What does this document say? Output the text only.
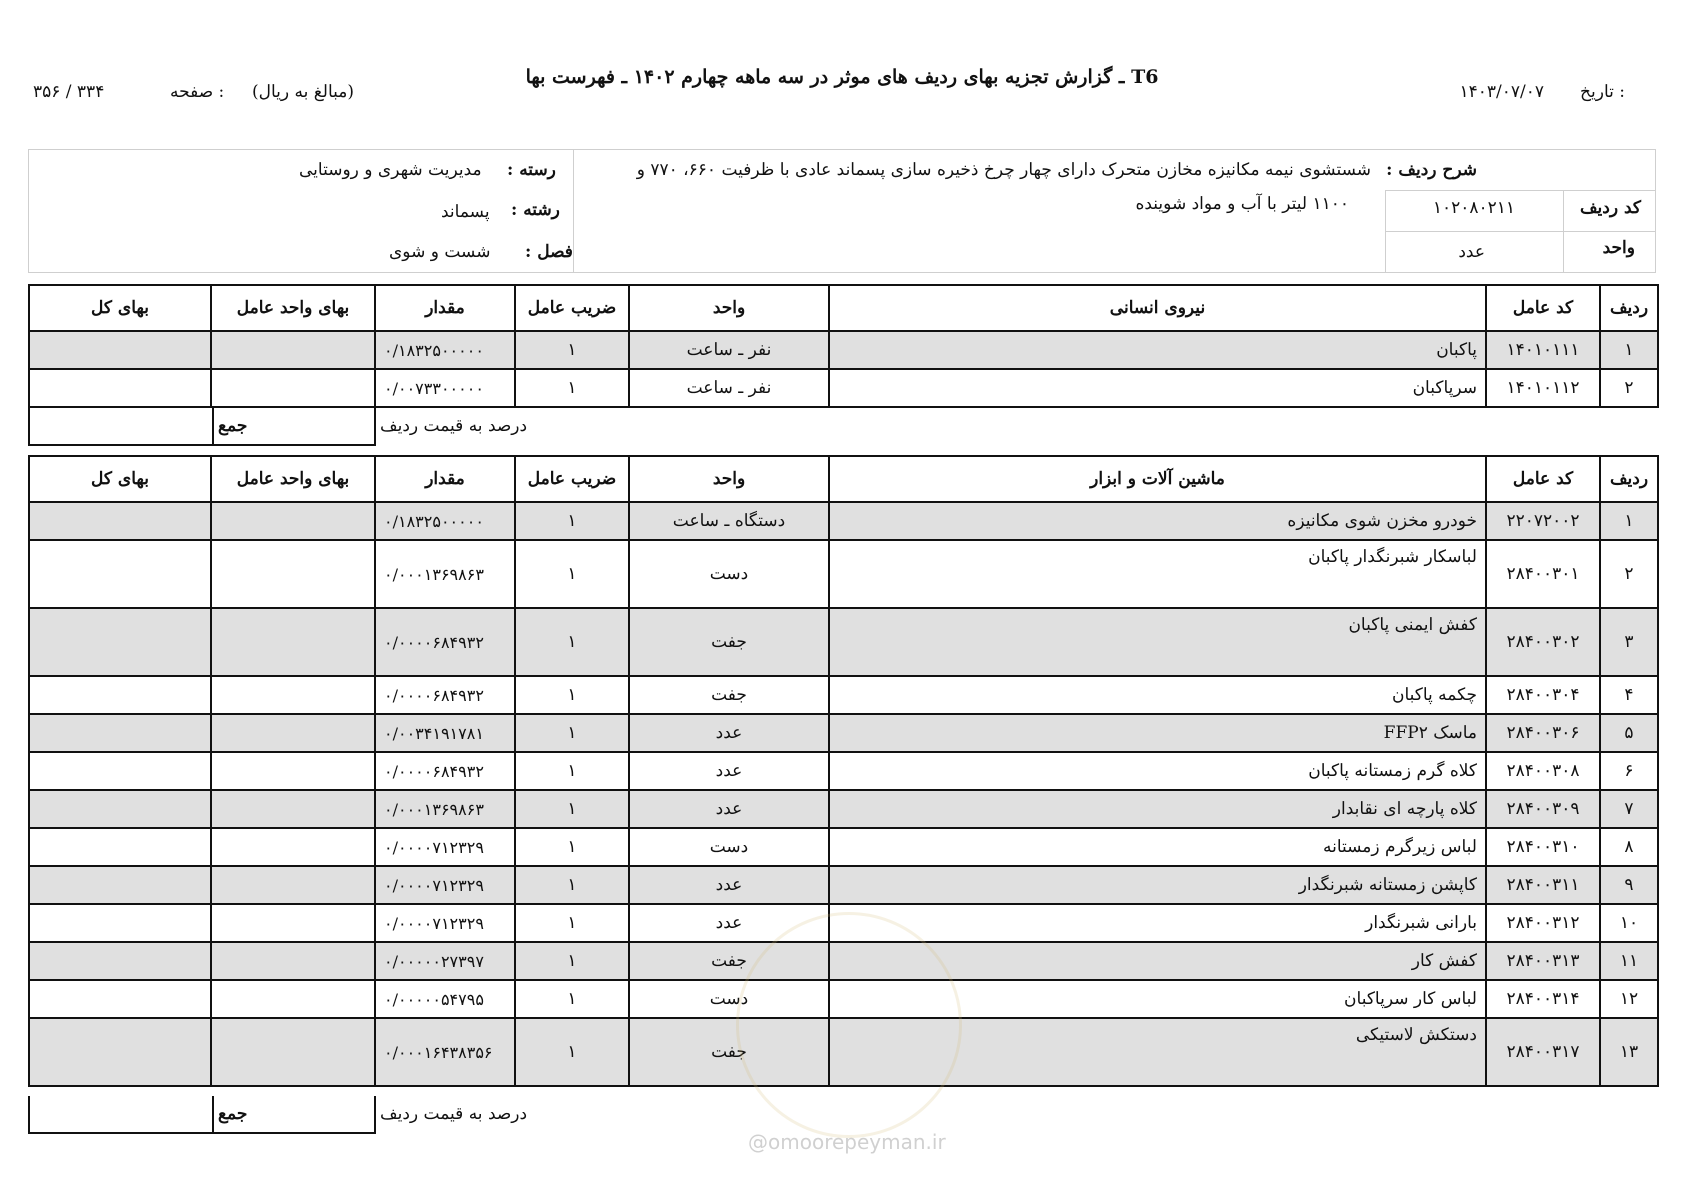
تاریخ :
۱۴۰۳/۰۷/۰۷
T6 ـ گزارش تجزیه بهای ردیف های موثر در سه ماهه چهارم ۱۴۰۲ ـ فهرست بها
(مبالغ به ریال)
صفحه :
۳۵۶ / ۳۳۴
شرح ردیف :
شستشوی نیمه مکانیزه مخازن متحرک دارای چهار چرخ ذخیره سازی پسماند عادی با ظرفیت ۶۶۰، ۷۷۰ و
۱۱۰۰ لیتر با آب و مواد شوینده	کد ردیف
۱۰۲۰۸۰۲۱۱
واحد
عدد
رسته :
مدیریت شهری و روستایی
رشته :
پسماند
فصل :
شست و شوی
ردیف	کد عامل	نیروی انسانی	واحد	ضریب عامل	مقدار	بهای واحد عامل	بهای کل
۱	۱۴۰۱۰۱۱۱	پاکبان	نفر ـ ساعت	۱	۰/۱۸۳۲۵۰۰۰۰۰		
۲	۱۴۰۱۰۱۱۲	سرپاکبان	نفر ـ ساعت	۱	۰/۰۰۷۳۳۰۰۰۰۰		
جمع	درصد به قیمت ردیف
ردیف	کد عامل	ماشین آلات و ابزار	واحد	ضریب عامل	مقدار	بهای واحد عامل	بهای کل
۱	۲۲۰۷۲۰۰۲	خودرو مخزن شوی مکانیزه	دستگاه ـ ساعت	۱	۰/۱۸۳۲۵۰۰۰۰۰		
۲	۲۸۴۰۰۳۰۱	لباسکار شبرنگدار پاکبان	دست	۱	۰/۰۰۰۱۳۶۹۸۶۳		
۳	۲۸۴۰۰۳۰۲	کفش ایمنی پاکبان	جفت	۱	۰/۰۰۰۰۶۸۴۹۳۲		
۴	۲۸۴۰۰۳۰۴	چکمه پاکبان	جفت	۱	۰/۰۰۰۰۶۸۴۹۳۲		
۵	۲۸۴۰۰۳۰۶	ماسک FFP۲	عدد	۱	۰/۰۰۳۴۱۹۱۷۸۱		
۶	۲۸۴۰۰۳۰۸	کلاه گرم زمستانه پاکبان	عدد	۱	۰/۰۰۰۰۶۸۴۹۳۲		
۷	۲۸۴۰۰۳۰۹	کلاه پارچه ای نقابدار	عدد	۱	۰/۰۰۰۱۳۶۹۸۶۳		
۸	۲۸۴۰۰۳۱۰	لباس زیرگرم زمستانه	دست	۱	۰/۰۰۰۰۷۱۲۳۲۹		
۹	۲۸۴۰۰۳۱۱	کاپشن زمستانه شبرنگدار	عدد	۱	۰/۰۰۰۰۷۱۲۳۲۹		
۱۰	۲۸۴۰۰۳۱۲	بارانی شبرنگدار	عدد	۱	۰/۰۰۰۰۷۱۲۳۲۹		
۱۱	۲۸۴۰۰۳۱۳	کفش کار	جفت	۱	۰/۰۰۰۰۰۲۷۳۹۷		
۱۲	۲۸۴۰۰۳۱۴	لباس کار سرپاکبان	دست	۱	۰/۰۰۰۰۰۵۴۷۹۵		
۱۳	۲۸۴۰۰۳۱۷	دستکش لاستیکی	جفت	۱	۰/۰۰۰۱۶۴۳۸۳۵۶		
جمع	درصد به قیمت ردیف
@omoorepeyman.ir
